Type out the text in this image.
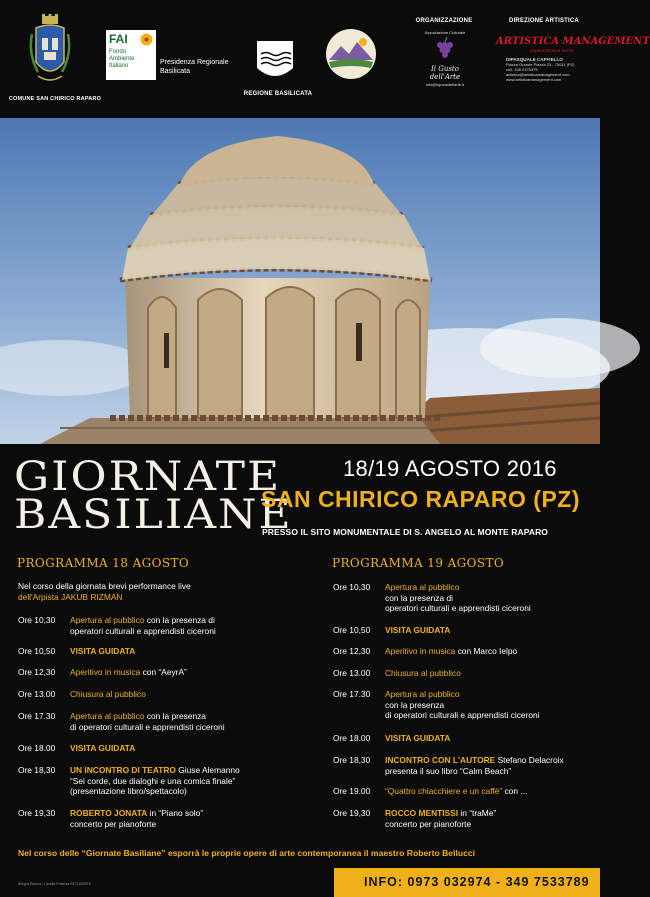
COMUNE SAN CHIRICO RAPARO
FAI
Fondo
Ambiente
Italiano	Presidenza Regionale
Basilicata
REGIONE BASILICATA
ORGANIZZAZIONE
Associazione Culturale
Il Gusto dell'Arte
info@ilgustodellarte.it
DIREZIONE ARTISTICA
ARTISTICA MANAGEMENT
organizzazione eventi
DIPASQUALE CAFFIELLO
Piazza Grande Piazza 23 - 75011 (PZ)
cell. 328 0375375
artistica@artisticamanagement.com
www.artisticamanagement.com
GIORNATE
BASILIANE
18/19 AGOSTO 2016
SAN CHIRICO RAPARO (PZ)
PRESSO IL SITO MONUMENTALE DI S. ANGELO AL MONTE RAPARO
PROGRAMMA 18 AGOSTO
Nel corso della giornata brevi performance live
dell'Arpista JAKUB RIZMAN
Ore 10,30 Apertura al pubblico con la presenza di
operatori culturali e apprendisti ciceroni
Ore 10,50 VISITA GUIDATA
Ore 12,30 Aperitivo in musica con “AeyrA”
Ore 13.00 Chiusura al pubblico
Ore 17.30 Apertura al pubblico con la presenza
di operatori culturali e apprendisti ciceroni
Ore 18.00 VISITA GUIDATA
Ore 18,30 UN INCONTRO DI TEATRO Giuse Alemanno
“Sei corde, due dialoghi e una comica finale”
(presentazione libro/spettacolo)
Ore 19,30 ROBERTO JONATA in “Piano solo”
concerto per pianoforte
PROGRAMMA 19 AGOSTO
Ore 10,30 Apertura al pubblico
con la presenza di
operatori culturali e apprendisti ciceroni
Ore 10,50 VISITA GUIDATA
Ore 12,30 Aperitivo in musica con Marco Ielpo
Ore 13.00 Chiusura al pubblico
Ore 17.30 Apertura al pubblico
con la presenza
di operatori culturali e apprendisti ciceroni
Ore 18.00 VISITA GUIDATA
Ore 18,30 INCONTRO CON L'AUTORE Stefano Delacroix
presenta il suo libro “Calm Beach”
Ore 19.00 “Quattro chiacchiere e un caffè” con ...
Ore 19,30 ROCCO MENTISSI in “traMe”
concerto per pianoforte
Nel corso delle “Giornate Basiliane” esporrà le proprie opere di arte contemporanea il maestro Roberto Bellucci
Allegra Ravera - Lavello Potenza 0973 032974	INFO: 0973 032974 - 349 7533789
